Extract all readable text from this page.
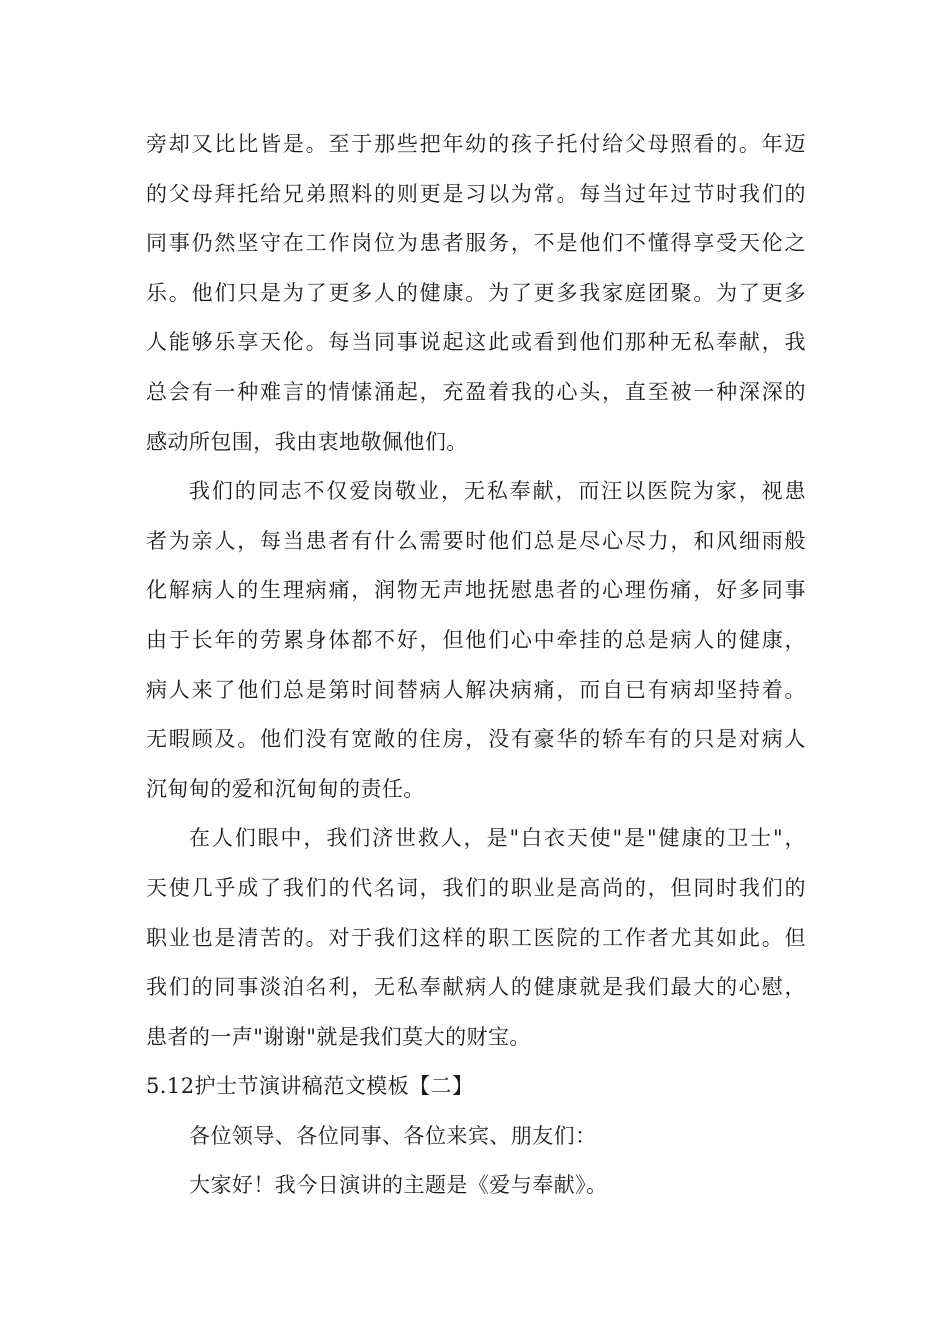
旁却又比比皆是。至于那些把年幼的孩子托付给父母照看的。年迈
的父母拜托给兄弟照料的则更是习以为常。每当过年过节时我们的
同事仍然坚守在工作岗位为患者服务，不是他们不懂得享受天伦之
乐。他们只是为了更多人的健康。为了更多我家庭团聚。为了更多
人能够乐享天伦。每当同事说起这此或看到他们那种无私奉献，我
总会有一种难言的情愫涌起，充盈着我的心头，直至被一种深深的
感动所包围，我由衷地敬佩他们。
我们的同志不仅爱岗敬业，无私奉献，而汪以医院为家，视患
者为亲人，每当患者有什么需要时他们总是尽心尽力，和风细雨般
化解病人的生理病痛，润物无声地抚慰患者的心理伤痛，好多同事
由于长年的劳累身体都不好，但他们心中牵挂的总是病人的健康，
病人来了他们总是第时间替病人解决病痛，而自已有病却坚持着。
无暇顾及。他们没有宽敞的住房，没有豪华的轿车有的只是对病人
沉甸甸的爱和沉甸甸的责任。
在人们眼中，我们济世救人，是"白衣天使"是"健康的卫士"，
天使几乎成了我们的代名词，我们的职业是高尚的，但同时我们的
职业也是清苦的。对于我们这样的职工医院的工作者尤其如此。但
我们的同事淡泊名利，无私奉献病人的健康就是我们最大的心慰，
患者的一声"谢谢"就是我们莫大的财宝。
5.12护士节演讲稿范文模板【二】
各位领导、各位同事、各位来宾、朋友们：
大家好！我今日演讲的主题是《爱与奉献》。
